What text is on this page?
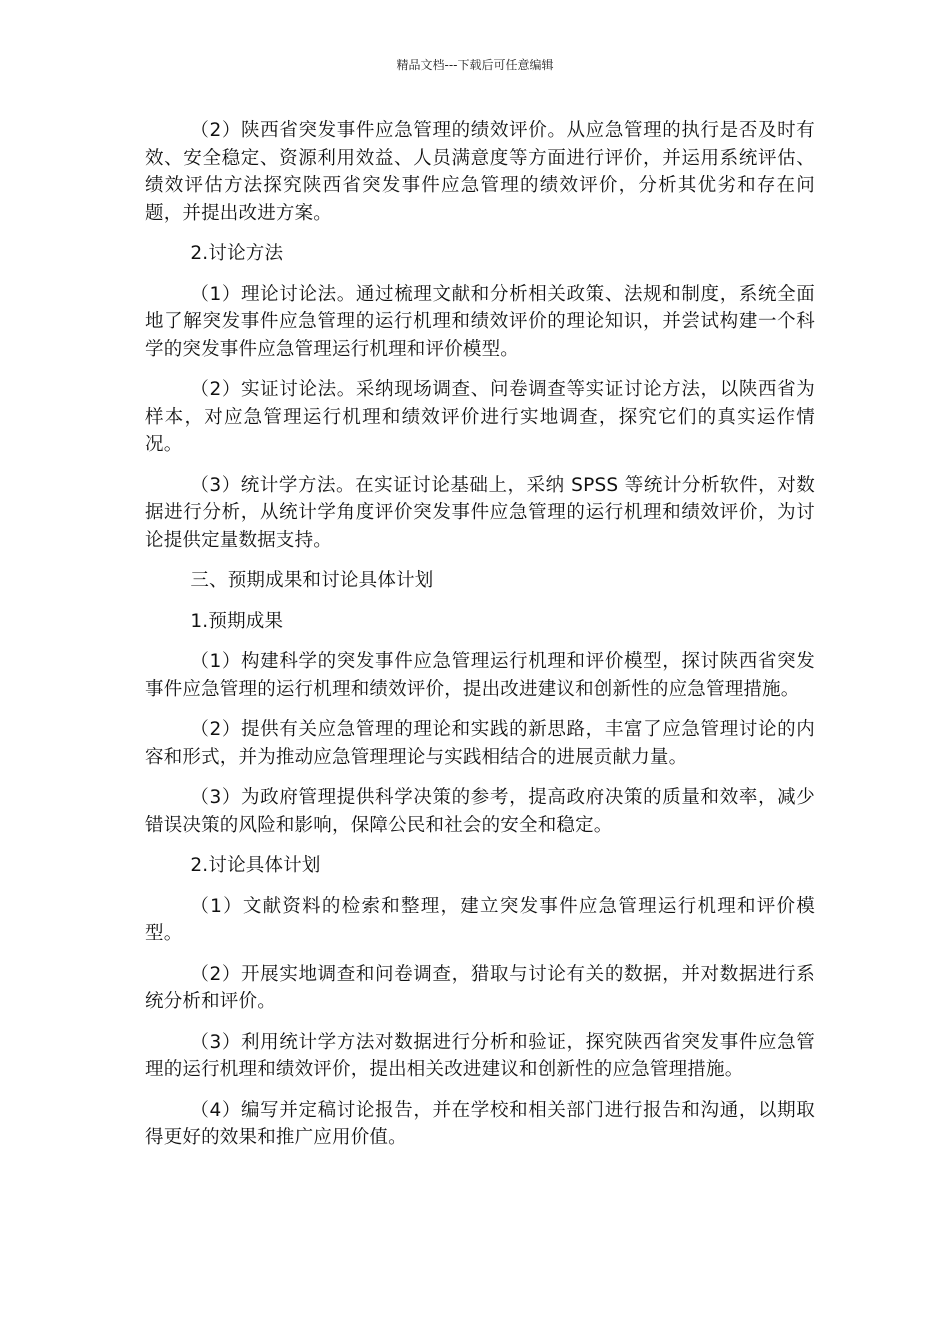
精品文档---下载后可任意编辑

（2）陕西省突发事件应急管理的绩效评价。从应急管理的执行是否及时有效、安全稳定、资源利用效益、人员满意度等方面进行评价，并运用系统评估、绩效评估方法探究陕西省突发事件应急管理的绩效评价，分析其优劣和存在问题，并提出改进方案。

2.讨论方法

（1）理论讨论法。通过梳理文献和分析相关政策、法规和制度，系统全面地了解突发事件应急管理的运行机理和绩效评价的理论知识，并尝试构建一个科学的突发事件应急管理运行机理和评价模型。

（2）实证讨论法。采纳现场调查、问卷调查等实证讨论方法，以陕西省为样本，对应急管理运行机理和绩效评价进行实地调查，探究它们的真实运作情况。

（3）统计学方法。在实证讨论基础上，采纳 SPSS 等统计分析软件，对数据进行分析，从统计学角度评价突发事件应急管理的运行机理和绩效评价，为讨论提供定量数据支持。

三、预期成果和讨论具体计划

1.预期成果

（1）构建科学的突发事件应急管理运行机理和评价模型，探讨陕西省突发事件应急管理的运行机理和绩效评价，提出改进建议和创新性的应急管理措施。

（2）提供有关应急管理的理论和实践的新思路，丰富了应急管理讨论的内容和形式，并为推动应急管理理论与实践相结合的进展贡献力量。

（3）为政府管理提供科学决策的参考，提高政府决策的质量和效率，减少错误决策的风险和影响，保障公民和社会的安全和稳定。

2.讨论具体计划

（1）文献资料的检索和整理，建立突发事件应急管理运行机理和评价模型。

（2）开展实地调查和问卷调查，猎取与讨论有关的数据，并对数据进行系统分析和评价。

（3）利用统计学方法对数据进行分析和验证，探究陕西省突发事件应急管理的运行机理和绩效评价，提出相关改进建议和创新性的应急管理措施。

（4）编写并定稿讨论报告，并在学校和相关部门进行报告和沟通，以期取得更好的效果和推广应用价值。
